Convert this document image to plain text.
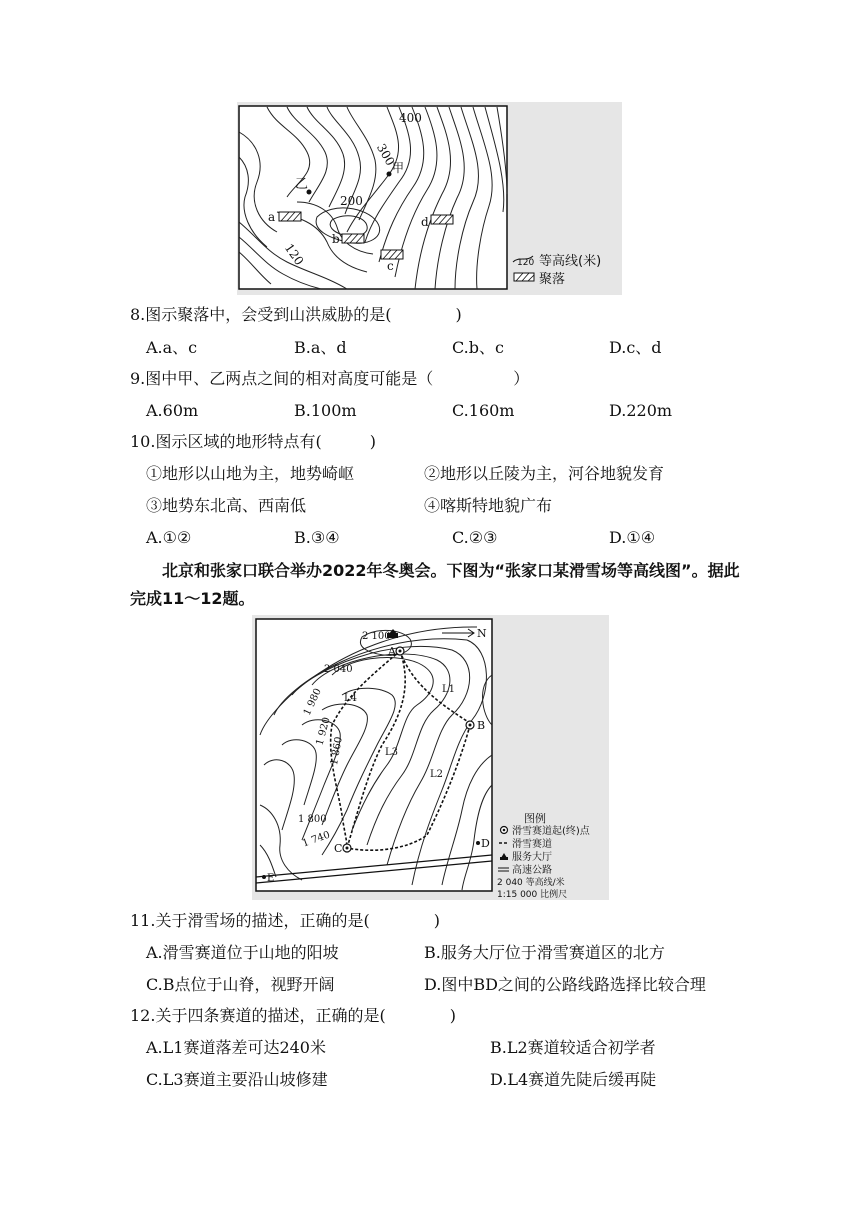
400
300
200
120
甲
乙
a
b
c
d
120 等高线(米)
聚落
8.图示聚落中，会受到山洪威胁的是(　　　　)
A.a、c	B.a、d	C.b、c	D.c、d
9.图中甲、乙两点之间的相对高度可能是（　　　　　）
A.60m	B.100m	C.160m	D.220m
10.图示区域的地形特点有(　　　)
①地形以山地为主，地势崎岖	②地形以丘陵为主，河谷地貌发育
③地势东北高、西南低	④喀斯特地貌广布
A.①②	B.③④	C.②③	D.①④
北京和张家口联合举办2022年冬奥会。下图为“张家口某滑雪场等高线图”。据此完成11～12题。
N
2 100
2 040
1 980
1 920
1 860
1 800
1 740
A
B
C	D
E
L1
L2
L3
L4
图例
滑雪赛道起(终)点
滑雪赛道
服务大厅
高速公路
2 040 等高线/米
1:15 000 比例尺
11.关于滑雪场的描述，正确的是(　　　　)
A.滑雪赛道位于山地的阳坡	B.服务大厅位于滑雪赛道区的北方
C.B点位于山脊，视野开阔	D.图中BD之间的公路线路选择比较合理
12.关于四条赛道的描述，正确的是(　　　　)
A.L1赛道落差可达240米	B.L2赛道较适合初学者
C.L3赛道主要沿山坡修建	D.L4赛道先陡后缓再陡
